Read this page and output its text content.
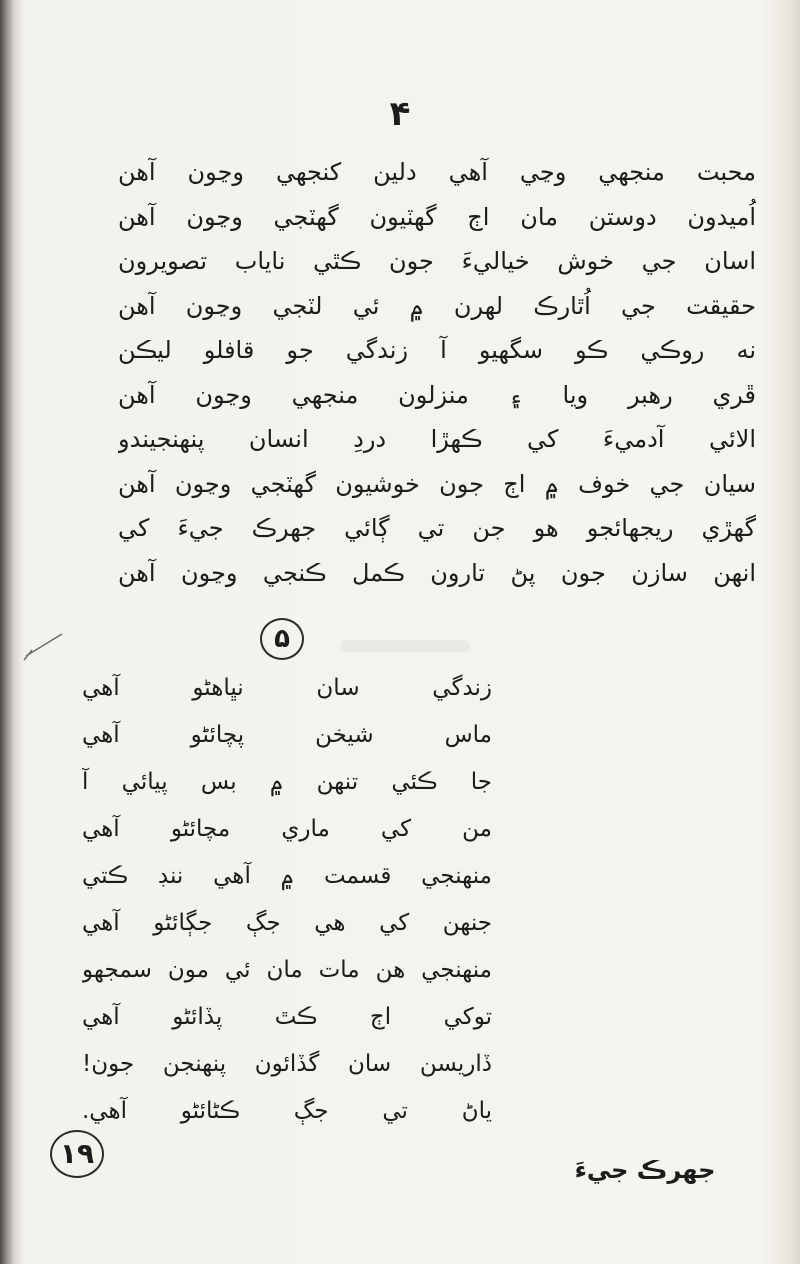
۴
محبت منجهي وڃي آهي دلين کنجهي وڃون آهن
اُميدون دوستن مان اڄ گهٽيون گهٽجي وڃون آهن
اسان جي خوش خياليءَ جون ڪٿي ناياب تصويرون
حقيقت جي اُٿارڪ لهرن ۾ ئي لٽجي وڃون آهن
نه روڪي ڪو سگهيو آ زندگي جو قافلو ليڪن
ڦري رهبر ويا ۽ منزلون منجهي وڃون آهن
الائي آدميءَ کي ڪهڙا دردِ انسان پنهنجيندو
سيان جي خوف ۾ اڄ جون خوشيون گهٽجي وڃون آهن
گهڙي ريجهائجو هو جن تي ڳائي جهرڪ جيءَ کي
انهن سازن جون پڻ تارون ڪمل ڪنجي وڃون آهن
۵
زندگي سان نڀاهڻو آهي
ماس شيخن پچائڻو آهي
جا ڪئي تنهن ۾ بس پيائي آ
من کي ماري مچائڻو آهي
منهنجي قسمت ۾ آهي ننڊ ڪتي
جنهن کي هي جڳ جڳائڻو آهي
منهنجي هن مات مان ئي مون سمجهو
توکي اڄ ڪٿ پڏائڻو آهي
ڏاريسن سان گڏائون پنهنجن جون!
ياڻ تي جڳ ڪڻائڻو آهي.
١٩	جهرڪ جيءَ
